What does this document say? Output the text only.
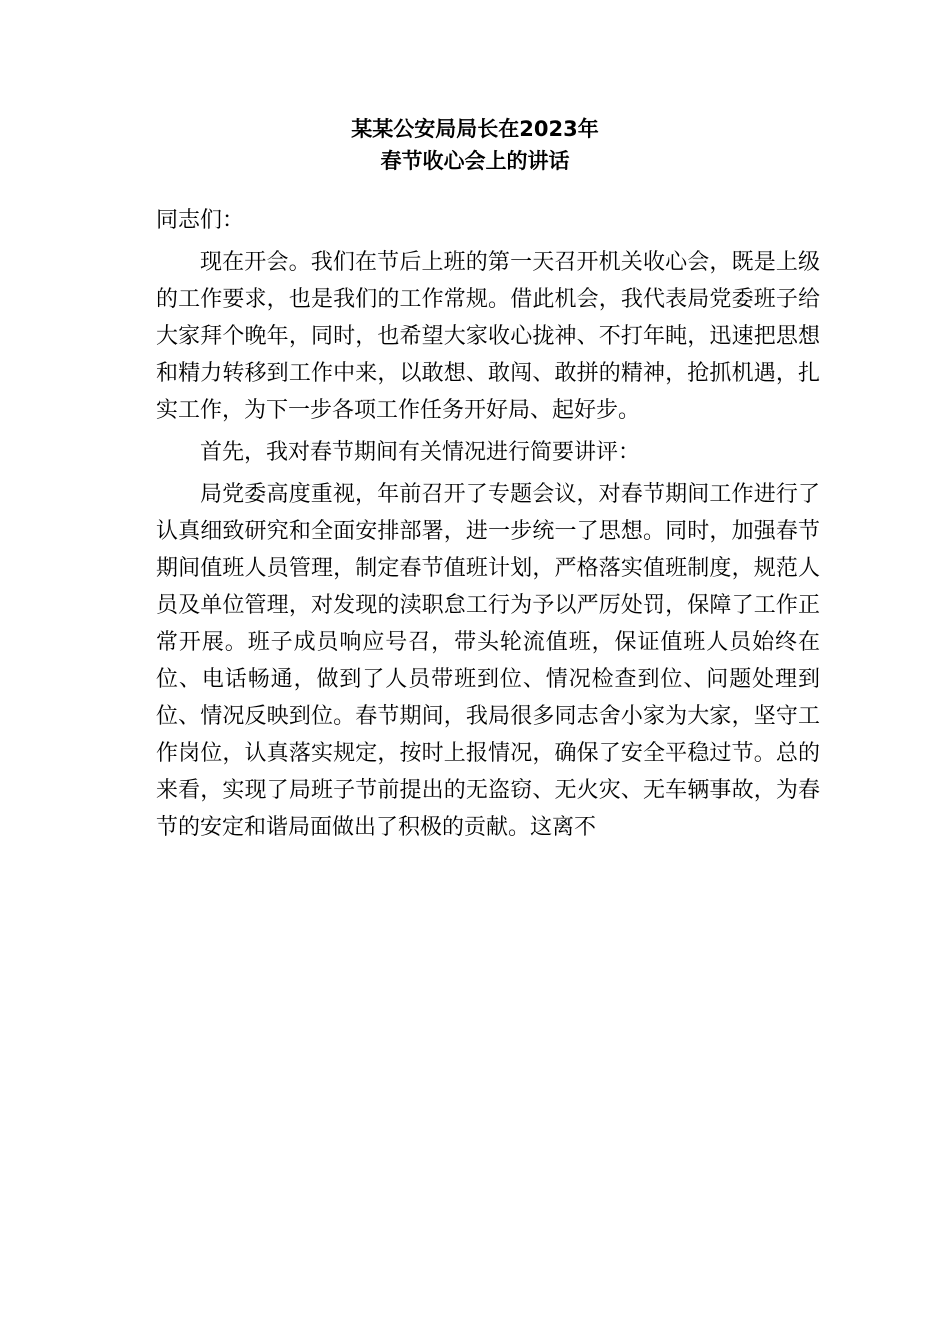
某某公安局局长在2023年
春节收心会上的讲话

同志们：

现在开会。我们在节后上班的第一天召开机关收心会，既是上级的工作要求，也是我们的工作常规。借此机会，我代表局党委班子给大家拜个晚年，同时，也希望大家收心拢神、不打年盹，迅速把思想和精力转移到工作中来，以敢想、敢闯、敢拼的精神，抢抓机遇，扎实工作，为下一步各项工作任务开好局、起好步。

首先，我对春节期间有关情况进行简要讲评：

局党委高度重视，年前召开了专题会议，对春节期间工作进行了认真细致研究和全面安排部署，进一步统一了思想。同时，加强春节期间值班人员管理，制定春节值班计划，严格落实值班制度，规范人员及单位管理，对发现的渎职怠工行为予以严厉处罚，保障了工作正常开展。班子成员响应号召，带头轮流值班，保证值班人员始终在位、电话畅通，做到了人员带班到位、情况检查到位、问题处理到位、情况反映到位。春节期间，我局很多同志舍小家为大家，坚守工作岗位，认真落实规定，按时上报情况，确保了安全平稳过节。总的来看，实现了局班子节前提出的无盗窃、无火灾、无车辆事故，为春节的安定和谐局面做出了积极的贡献。这离不
